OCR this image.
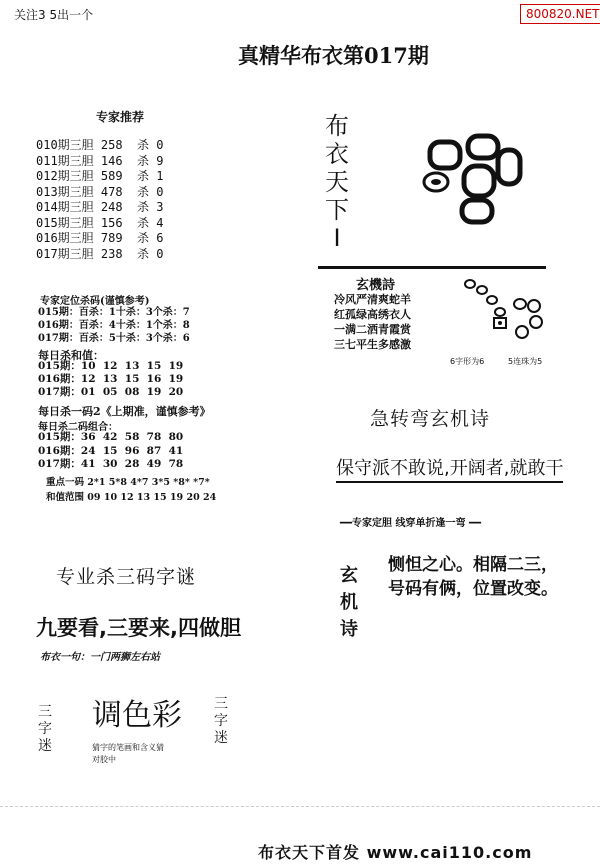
关注3 5出一个	800820.NET
真精华布衣第017期
专家推荐
010期三胆 258  杀 0
011期三胆 146  杀 9
012期三胆 589  杀 1
013期三胆 478  杀 0
014期三胆 248  杀 3
015期三胆 156  杀 4
016期三胆 789  杀 6
017期三胆 238  杀 0
专家定位杀码(谨慎参考)
015期：百杀：1十杀：3个杀：7
016期：百杀：4十杀：1个杀：8
017期：百杀：5十杀：3个杀：6
每日杀和值：
015期：10  12  13  15  19
016期：12  13  15  16  19
017期：01  05  08  19  20
每日杀一码2《上期准，谨慎参考》
每日杀二码组合：
015期：36  42  58  78  80
016期：24  15  96  87  41
017期：41  30  28  49  78
重点一码 2*1 5*8 4*7 3*5 *8* *7*
和值范围 09 10 12 13 15 19 20 24
专业杀三码字谜
九要看,三要来,四做胆
布衣一句：一门两狮左右站
三
字
迷
调色彩
猜字的笔画和含义猜
对胶中
三
字
迷
布
衣
天
下
I
玄機詩
冷风严清爽蛇羊
红孤绿高绣衣人
一满二洒青霞赏
三七平生多感激
6字形为6	5连珠为5
急转弯玄机诗
保守派不敢说,开阔者,就敢干
━━专家定胆 线穿单折逢一弯 ━━
玄
机
诗
恻怛之心。相隔二三，
号码有俩，位置改变。
布衣天下首发 www.cai110.com
